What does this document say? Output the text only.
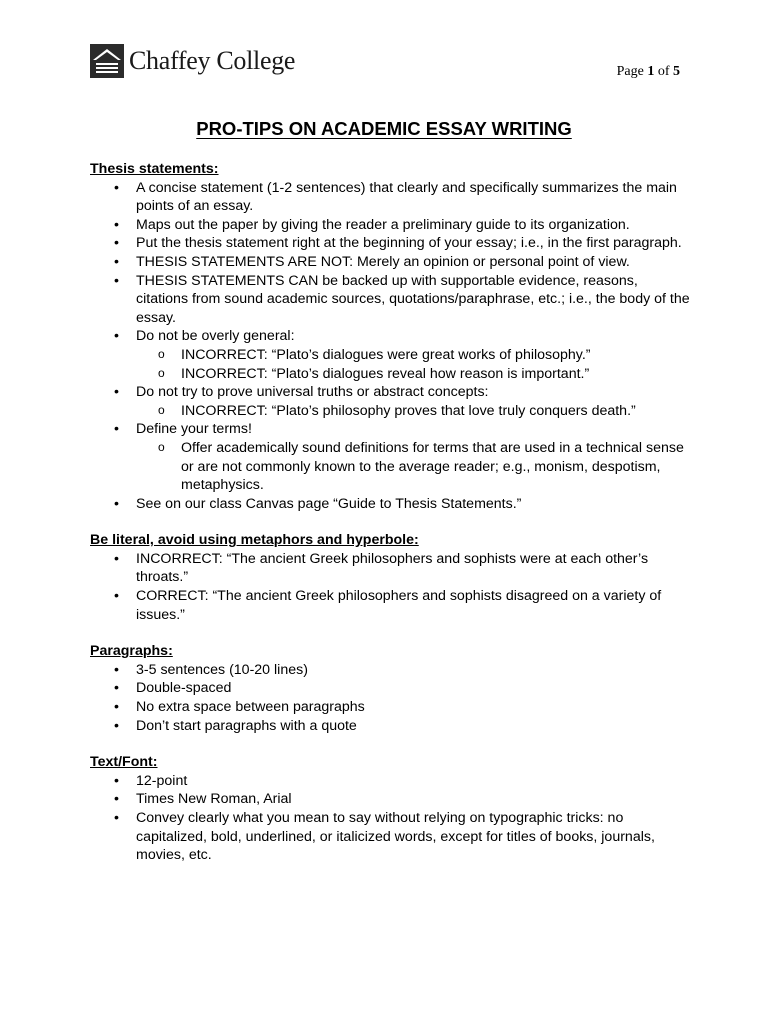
Chaffey College	Page 1 of 5
PRO-TIPS ON ACADEMIC ESSAY WRITING
Thesis statements:
• A concise statement (1-2 sentences) that clearly and specifically summarizes the main points of an essay.
• Maps out the paper by giving the reader a preliminary guide to its organization.
• Put the thesis statement right at the beginning of your essay; i.e., in the first paragraph.
• THESIS STATEMENTS ARE NOT: Merely an opinion or personal point of view.
• THESIS STATEMENTS CAN be backed up with supportable evidence, reasons, citations from sound academic sources, quotations/paraphrase, etc.; i.e., the body of the essay.
• Do not be overly general:
o INCORRECT: “Plato’s dialogues were great works of philosophy.”
o INCORRECT: “Plato’s dialogues reveal how reason is important.”
• Do not try to prove universal truths or abstract concepts:
o INCORRECT: “Plato’s philosophy proves that love truly conquers death.”
• Define your terms!
o Offer academically sound definitions for terms that are used in a technical sense or are not commonly known to the average reader; e.g., monism, despotism, metaphysics.
• See on our class Canvas page “Guide to Thesis Statements.”
Be literal, avoid using metaphors and hyperbole:
• INCORRECT: “The ancient Greek philosophers and sophists were at each other’s throats.”
• CORRECT: “The ancient Greek philosophers and sophists disagreed on a variety of issues.”
Paragraphs:
• 3-5 sentences (10-20 lines)
• Double-spaced
• No extra space between paragraphs
• Don’t start paragraphs with a quote
Text/Font:
• 12-point
• Times New Roman, Arial
• Convey clearly what you mean to say without relying on typographic tricks: no capitalized, bold, underlined, or italicized words, except for titles of books, journals, movies, etc.
